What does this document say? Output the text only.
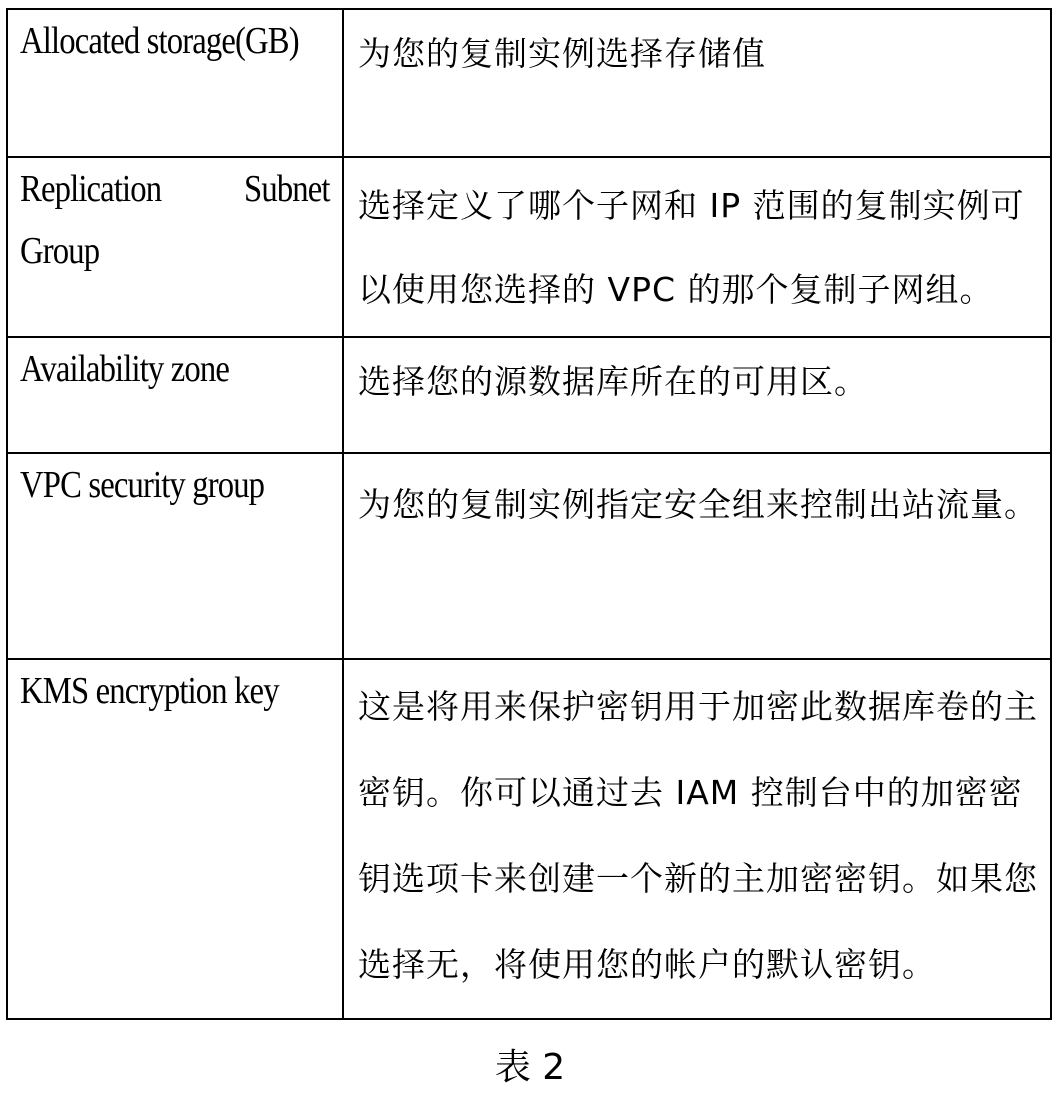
Allocated storage(GB)	为您的复制实例选择存储值

Replication Subnet Group	选择定义了哪个子网和 IP 范围的复制实例可以使用您选择的 VPC 的那个复制子网组。

Availability zone	选择您的源数据库所在的可用区。

VPC security group	为您的复制实例指定安全组来控制出站流量。

KMS encryption key	这是将用来保护密钥用于加密此数据库卷的主密钥。你可以通过去 IAM 控制台中的加密密钥选项卡来创建一个新的主加密密钥。如果您选择无，将使用您的帐户的默认密钥。
表 2
